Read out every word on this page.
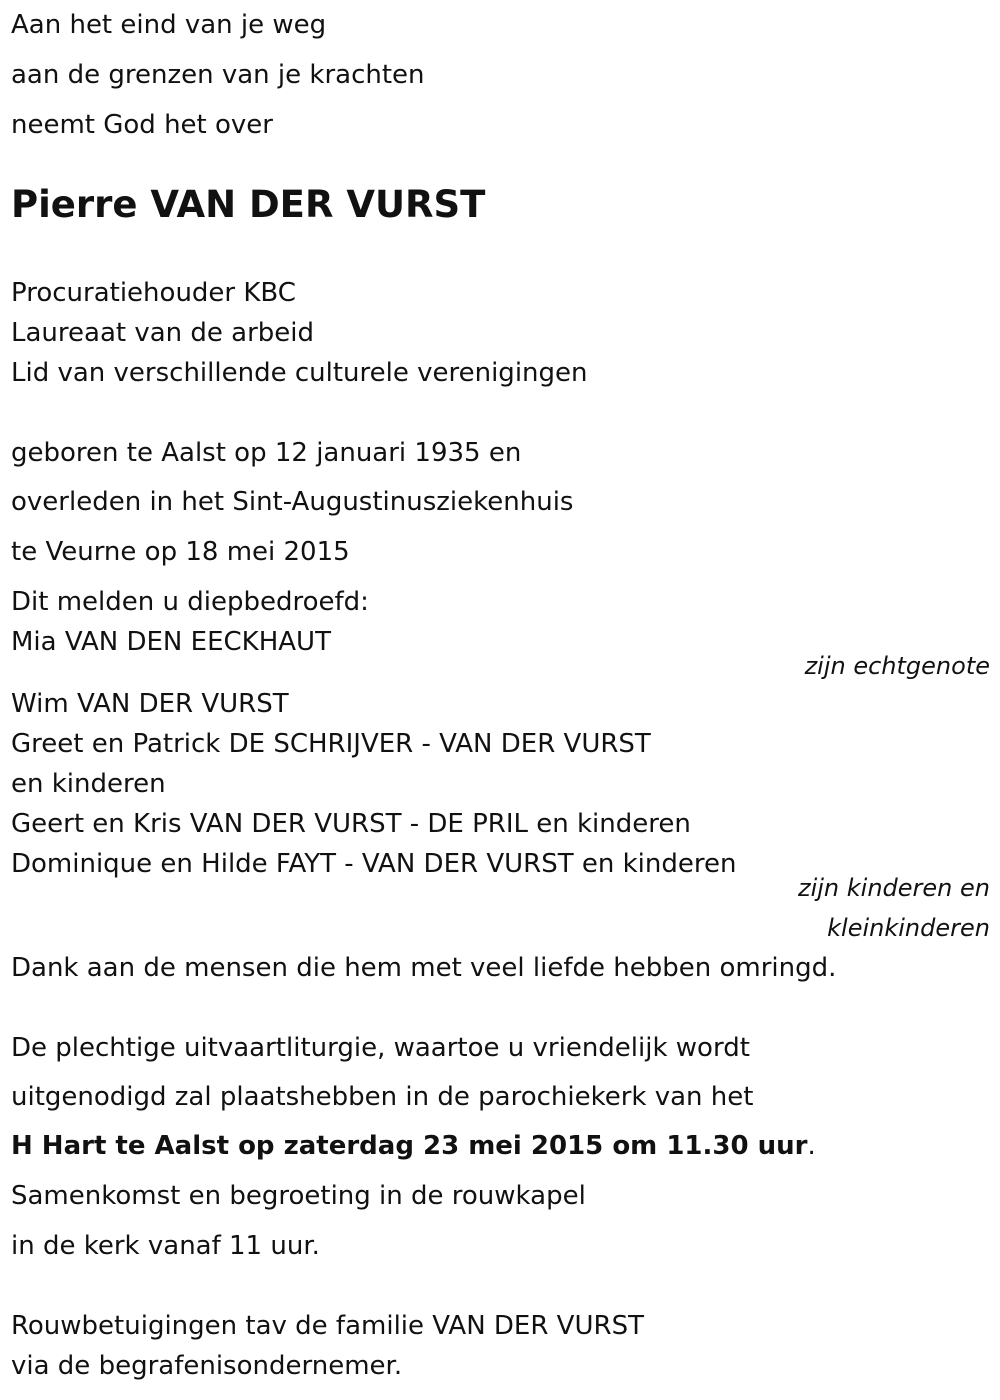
Aan het eind van je weg
aan de grenzen van je krachten
neemt God het over
Pierre VAN DER VURST
Procuratiehouder KBC
Laureaat van de arbeid
Lid van verschillende culturele verenigingen
geboren te Aalst op 12 januari 1935 en
overleden in het Sint-Augustinusziekenhuis
te Veurne op 18 mei 2015
Dit melden u diepbedroefd:
Mia VAN DEN EECKHAUT
zijn echtgenote
Wim VAN DER VURST
Greet en Patrick DE SCHRIJVER - VAN DER VURST
en kinderen
Geert en Kris VAN DER VURST - DE PRIL en kinderen
Dominique en Hilde FAYT - VAN DER VURST en kinderen
zijn kinderen en
kleinkinderen
Dank aan de mensen die hem met veel liefde hebben omringd.
De plechtige uitvaartliturgie, waartoe u vriendelijk wordt
uitgenodigd zal plaatshebben in de parochiekerk van het
H Hart te Aalst op zaterdag 23 mei 2015 om 11.30 uur.
Samenkomst en begroeting in de rouwkapel
in de kerk vanaf 11 uur.
Rouwbetuigingen tav de familie VAN DER VURST
via de begrafenisondernemer.
